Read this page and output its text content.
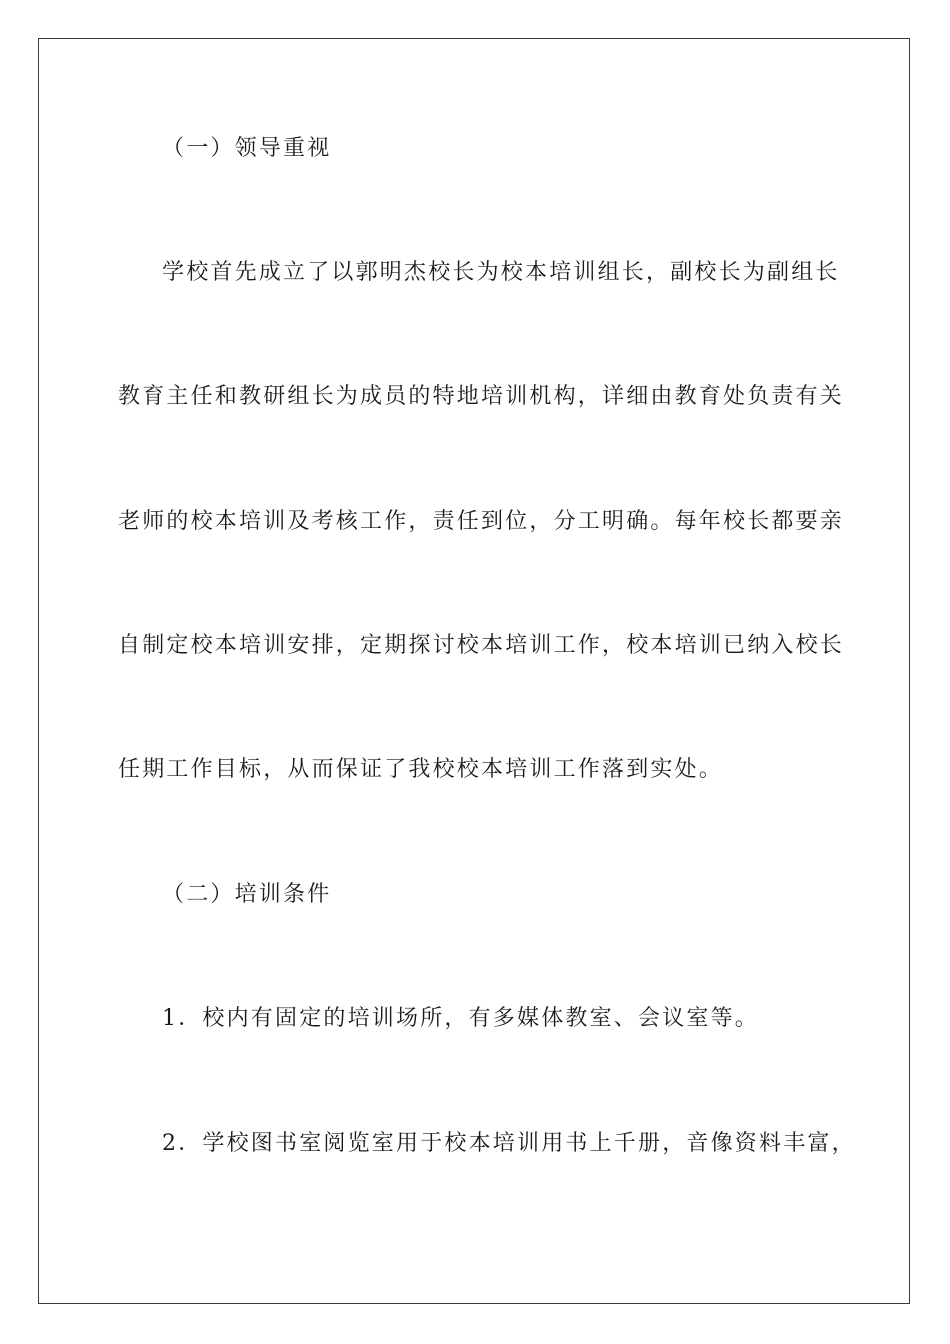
（一）领导重视
学校首先成立了以郭明杰校长为校本培训组长，副校长为副组长
教育主任和教研组长为成员的特地培训机构，详细由教育处负责有关
老师的校本培训及考核工作，责任到位，分工明确。每年校长都要亲
自制定校本培训安排，定期探讨校本培训工作，校本培训已纳入校长
任期工作目标，从而保证了我校校本培训工作落到实处。
（二）培训条件
1．校内有固定的培训场所，有多媒体教室、会议室等。
2．学校图书室阅览室用于校本培训用书上千册，音像资料丰富，
